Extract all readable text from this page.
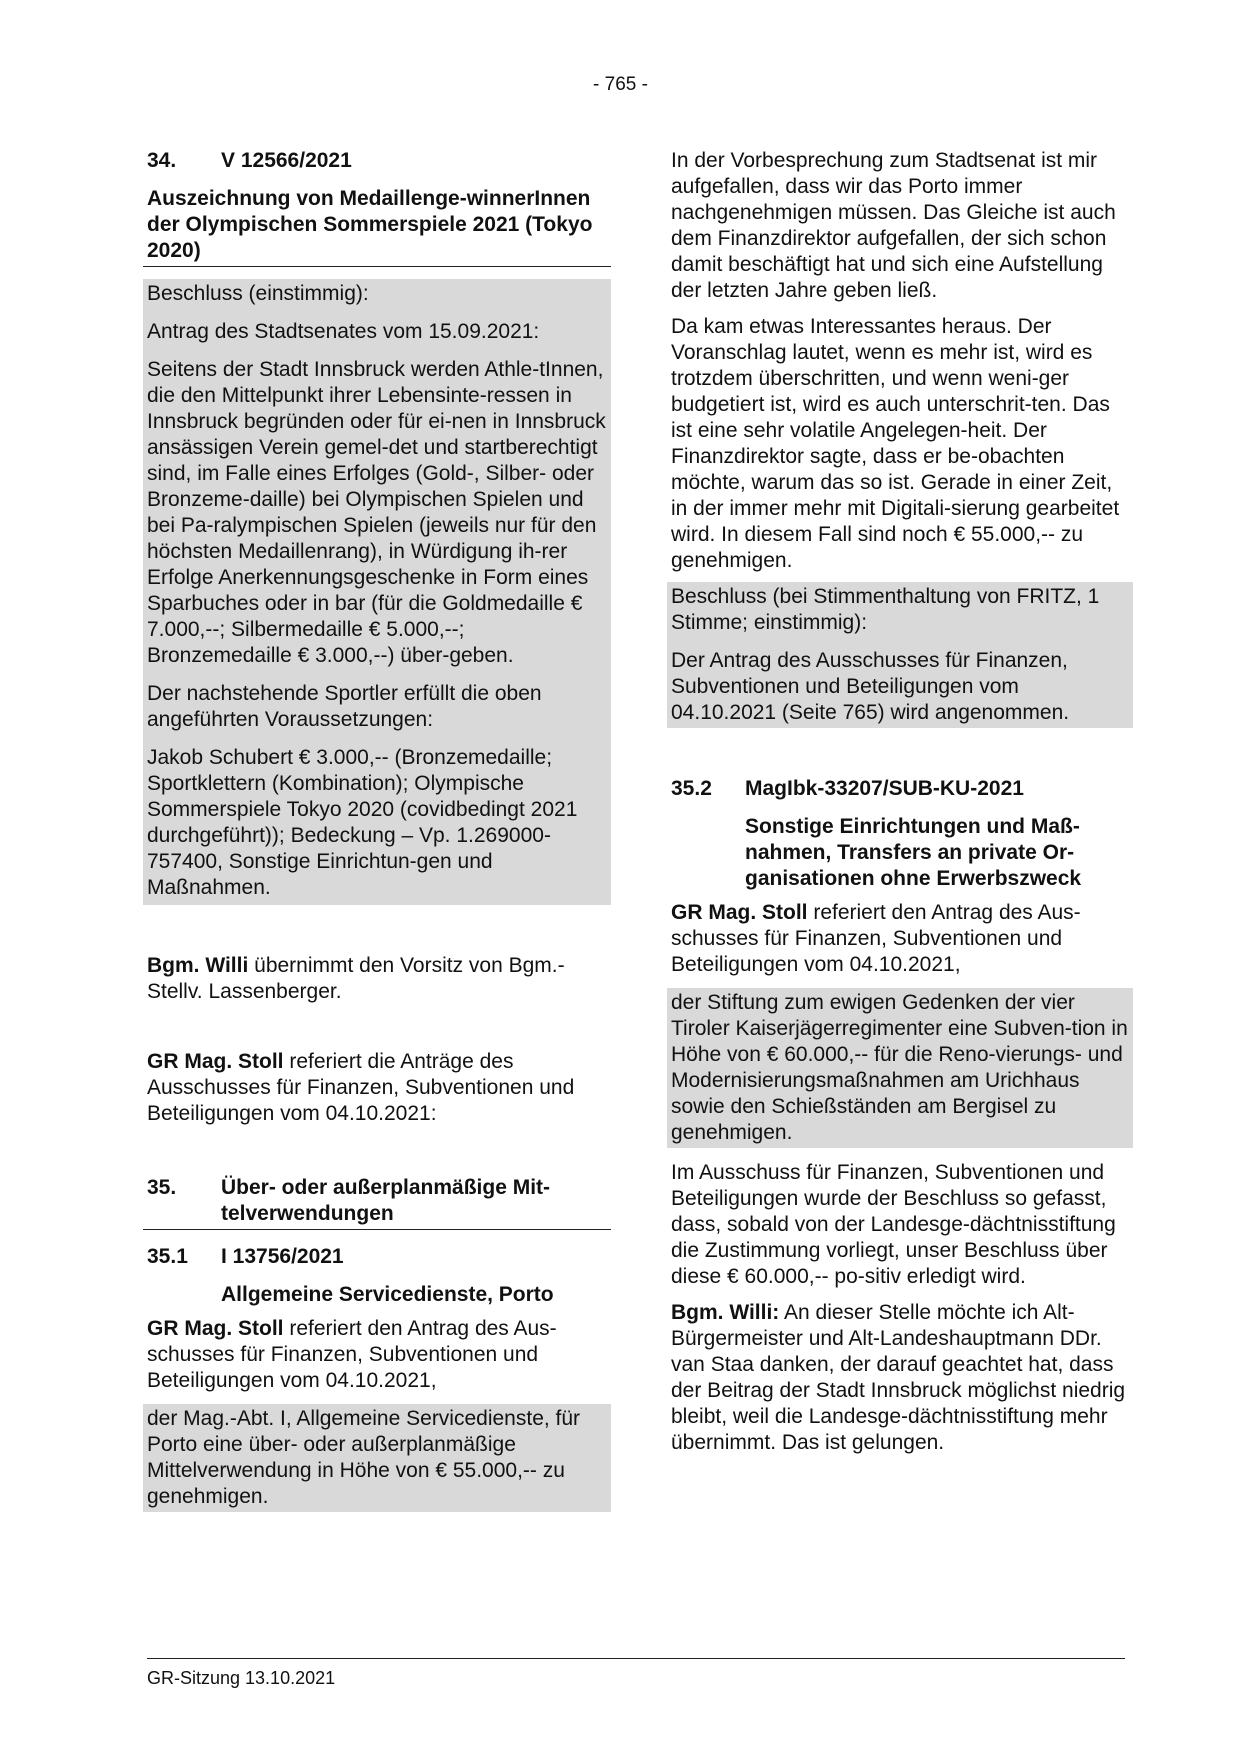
- 765 -
34.	V 12566/2021
Auszeichnung von Medaillenge-winnerInnen der Olympischen Sommerspiele 2021 (Tokyo 2020)

Beschluss (einstimmig):

Antrag des Stadtsenates vom 15.09.2021:

Seitens der Stadt Innsbruck werden Athle-tInnen, die den Mittelpunkt ihrer Lebensinte-ressen in Innsbruck begründen oder für ei-nen in Innsbruck ansässigen Verein gemel-det und startberechtigt sind, im Falle eines Erfolges (Gold-, Silber- oder Bronzeme-daille) bei Olympischen Spielen und bei Pa-ralympischen Spielen (jeweils nur für den höchsten Medaillenrang), in Würdigung ih-rer Erfolge Anerkennungsgeschenke in Form eines Sparbuches oder in bar (für die Goldmedaille € 7.000,--; Silbermedaille € 5.000,--; Bronzemedaille € 3.000,--) über-geben.

Der nachstehende Sportler erfüllt die oben angeführten Voraussetzungen:

Jakob Schubert € 3.000,-- (Bronzemedaille; Sportklettern (Kombination); Olympische Sommerspiele Tokyo 2020 (covidbedingt 2021 durchgeführt)); Bedeckung – Vp. 1.269000-757400, Sonstige Einrichtun-gen und Maßnahmen.

Bgm. Willi übernimmt den Vorsitz von Bgm.-Stellv. Lassenberger.

GR Mag. Stoll referiert die Anträge des Ausschusses für Finanzen, Subventionen und Beteiligungen vom 04.10.2021:

35.	Über- oder außerplanmäßige Mit-telverwendungen
35.1	I 13756/2021
Allgemeine Servicedienste, Porto

GR Mag. Stoll referiert den Antrag des Aus-schusses für Finanzen, Subventionen und Beteiligungen vom 04.10.2021,

der Mag.-Abt. I, Allgemeine Servicedienste, für Porto eine über- oder außerplanmäßige Mittelverwendung in Höhe von € 55.000,-- zu genehmigen.

In der Vorbesprechung zum Stadtsenat ist mir aufgefallen, dass wir das Porto immer nachgenehmigen müssen. Das Gleiche ist auch dem Finanzdirektor aufgefallen, der sich schon damit beschäftigt hat und sich eine Aufstellung der letzten Jahre geben ließ.

Da kam etwas Interessantes heraus. Der Voranschlag lautet, wenn es mehr ist, wird es trotzdem überschritten, und wenn weni-ger budgetiert ist, wird es auch unterschrit-ten. Das ist eine sehr volatile Angelegen-heit. Der Finanzdirektor sagte, dass er be-obachten möchte, warum das so ist. Gerade in einer Zeit, in der immer mehr mit Digitali-sierung gearbeitet wird. In diesem Fall sind noch € 55.000,-- zu genehmigen.

Beschluss (bei Stimmenthaltung von FRITZ, 1 Stimme; einstimmig):

Der Antrag des Ausschusses für Finanzen, Subventionen und Beteiligungen vom 04.10.2021 (Seite 765) wird angenommen.

35.2	MagIbk-33207/SUB-KU-2021
Sonstige Einrichtungen und Maß-nahmen, Transfers an private Or-ganisationen ohne Erwerbszweck

GR Mag. Stoll referiert den Antrag des Aus-schusses für Finanzen, Subventionen und Beteiligungen vom 04.10.2021,

der Stiftung zum ewigen Gedenken der vier Tiroler Kaiserjägerregimenter eine Subven-tion in Höhe von € 60.000,-- für die Reno-vierungs- und Modernisierungsmaßnahmen am Urichhaus sowie den Schießständen am Bergisel zu genehmigen.

Im Ausschuss für Finanzen, Subventionen und Beteiligungen wurde der Beschluss so gefasst, dass, sobald von der Landesge-dächtnisstiftung die Zustimmung vorliegt, unser Beschluss über diese € 60.000,-- po-sitiv erledigt wird.

Bgm. Willi: An dieser Stelle möchte ich Alt-Bürgermeister und Alt-Landeshauptmann DDr. van Staa danken, der darauf geachtet hat, dass der Beitrag der Stadt Innsbruck möglichst niedrig bleibt, weil die Landesge-dächtnisstiftung mehr übernimmt. Das ist gelungen.

GR-Sitzung 13.10.2021
